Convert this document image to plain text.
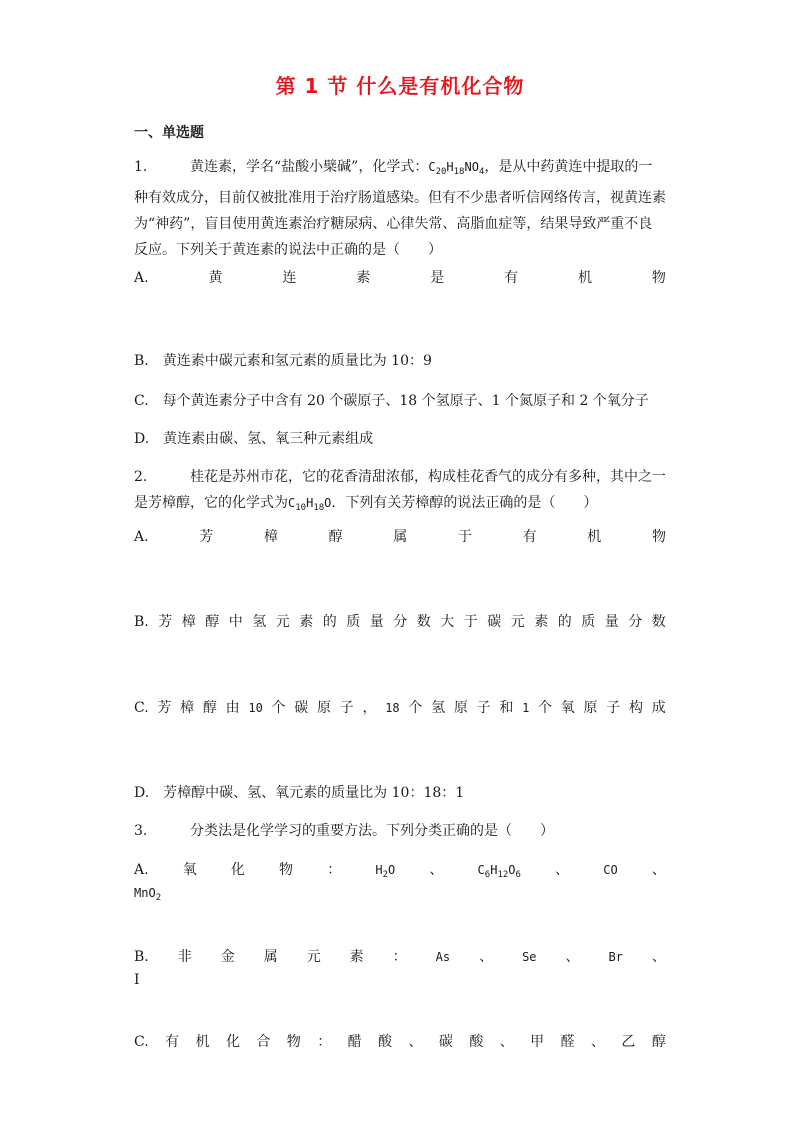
第 1 节 什么是有机化合物
一、单选题
1.	黄连素，学名“盐酸小檗碱”，化学式：$C_{20}H_{18}NO_4$，是从中药黄连中提取的一种有效成分，目前仅被批准用于治疗肠道感染。但有不少患者听信网络传言，视黄连素为“神药”，盲目使用黄连素治疗糖尿病、心律失常、高脂血症等，结果导致严重不良反应。下列关于黄连素的说法中正确的是（　　）
A.	黄	连	素	是	有	机	物
B.　黄连素中碳元素和氢元素的质量比为 10：9
C.　每个黄连素分子中含有 20 个碳原子、18 个氢原子、1 个氮原子和 2 个氧分子
D.　黄连素由碳、氢、氧三种元素组成
2.	桂花是苏州市花，它的花香清甜浓郁，构成桂花香气的成分有多种，其中之一是芳樟醇，它的化学式为$C_{10}H_{18}O$．下列有关芳樟醇的说法正确的是（　　）
A.	芳	樟	醇	属	于	有	机	物
B. 芳 樟 醇 中 氢 元 素 的 质 量 分 数 大 于 碳 元 素 的 质 量 分 数
C. 芳 樟 醇 由 10 个 碳 原 子 ， 18 个 氢 原 子 和 1 个 氧 原 子 构 成
D.　芳樟醇中碳、氢、氧元素的质量比为 10：18：1
3.	分类法是化学学习的重要方法。下列分类正确的是（　　）
A. 氧 化 物 ：	$H_2O$ 、	$C_6H_{12}O_6$ 、	CO 、
MnO$_2$
B. 非 金 属 元 素 ： As 、 Se 、 Br 、
I
C. 有 机 化 合 物 ： 醋 酸 、 碳 酸 、 甲 醛 、 乙 醇
